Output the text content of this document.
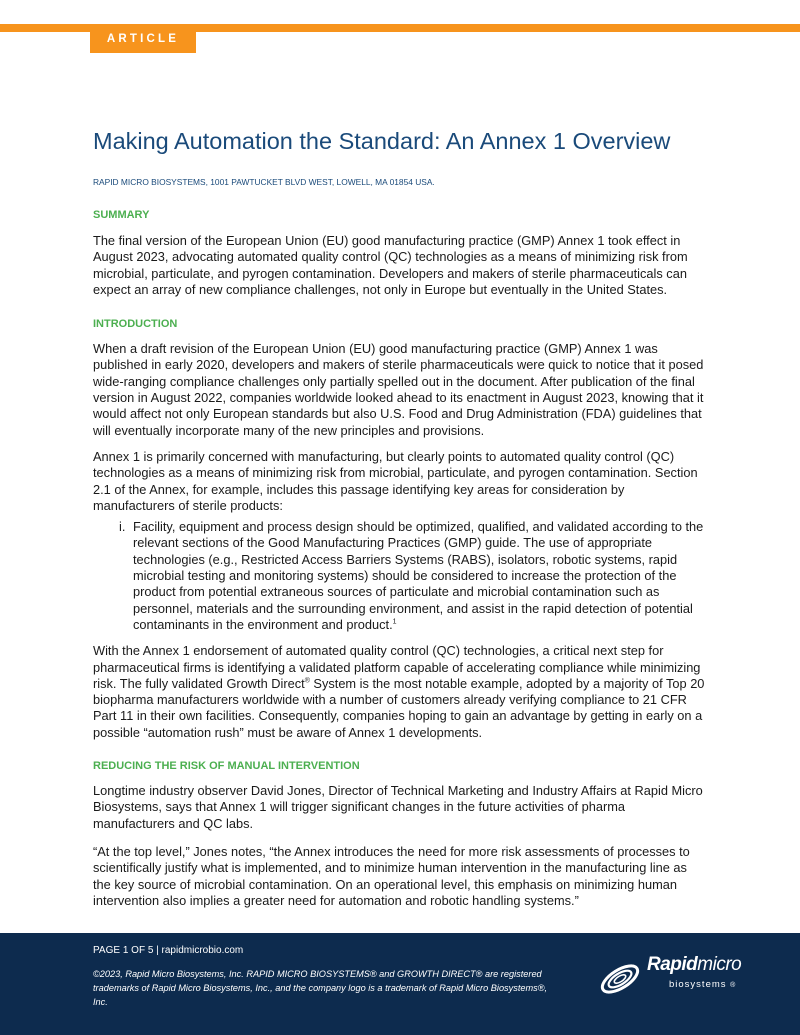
ARTICLE
Making Automation the Standard: An Annex 1 Overview
RAPID MICRO BIOSYSTEMS, 1001 PAWTUCKET BLVD WEST, LOWELL, MA 01854 USA.
SUMMARY

The final version of the European Union (EU) good manufacturing practice (GMP) Annex 1 took effect in August 2023, advocating automated quality control (QC) technologies as a means of minimizing risk from microbial, particulate, and pyrogen contamination. Developers and makers of sterile pharmaceuticals can expect an array of new compliance challenges, not only in Europe but eventually in the United States.

INTRODUCTION

When a draft revision of the European Union (EU) good manufacturing practice (GMP) Annex 1 was published in early 2020, developers and makers of sterile pharmaceuticals were quick to notice that it posed wide-ranging compliance challenges only partially spelled out in the document. After publication of the final version in August 2022, companies worldwide looked ahead to its enactment in August 2023, knowing that it would affect not only European standards but also U.S. Food and Drug Administration (FDA) guidelines that will eventually incorporate many of the new principles and provisions.

Annex 1 is primarily concerned with manufacturing, but clearly points to automated quality control (QC) technologies as a means of minimizing risk from microbial, particulate, and pyrogen contamination. Section 2.1 of the Annex, for example, includes this passage identifying key areas for consideration by manufacturers of sterile products:

i. Facility, equipment and process design should be optimized, qualified, and validated according to the relevant sections of the Good Manufacturing Practices (GMP) guide. The use of appropriate technologies (e.g., Restricted Access Barriers Systems (RABS), isolators, robotic systems, rapid microbial testing and monitoring systems) should be considered to increase the protection of the product from potential extraneous sources of particulate and microbial contamination such as personnel, materials and the surrounding environment, and assist in the rapid detection of potential contaminants in the environment and product.$^1$

With the Annex 1 endorsement of automated quality control (QC) technologies, a critical next step for pharmaceutical firms is identifying a validated platform capable of accelerating compliance while minimizing risk. The fully validated Growth Direct® System is the most notable example, adopted by a majority of Top 20 biopharma manufacturers worldwide with a number of customers already verifying compliance to 21 CFR Part 11 in their own facilities. Consequently, companies hoping to gain an advantage by getting in early on a possible “automation rush” must be aware of Annex 1 developments.

REDUCING THE RISK OF MANUAL INTERVENTION

Longtime industry observer David Jones, Director of Technical Marketing and Industry Affairs at Rapid Micro Biosystems, says that Annex 1 will trigger significant changes in the future activities of pharma manufacturers and QC labs.

“At the top level,” Jones notes, “the Annex introduces the need for more risk assessments of processes to scientifically justify what is implemented, and to minimize human intervention in the manufacturing line as the key source of microbial contamination. On an operational level, this emphasis on minimizing human intervention also implies a greater need for automation and robotic handling systems.”

PAGE 1 OF 5 | rapidmicrobio.com
©2023, Rapid Micro Biosystems, Inc. RAPID MICRO BIOSYSTEMS® and GROWTH DIRECT® are registered trademarks of Rapid Micro Biosystems, Inc., and the company logo is a trademark of Rapid Micro Biosystems®, Inc.
Rapidmicro
biosystems ®
